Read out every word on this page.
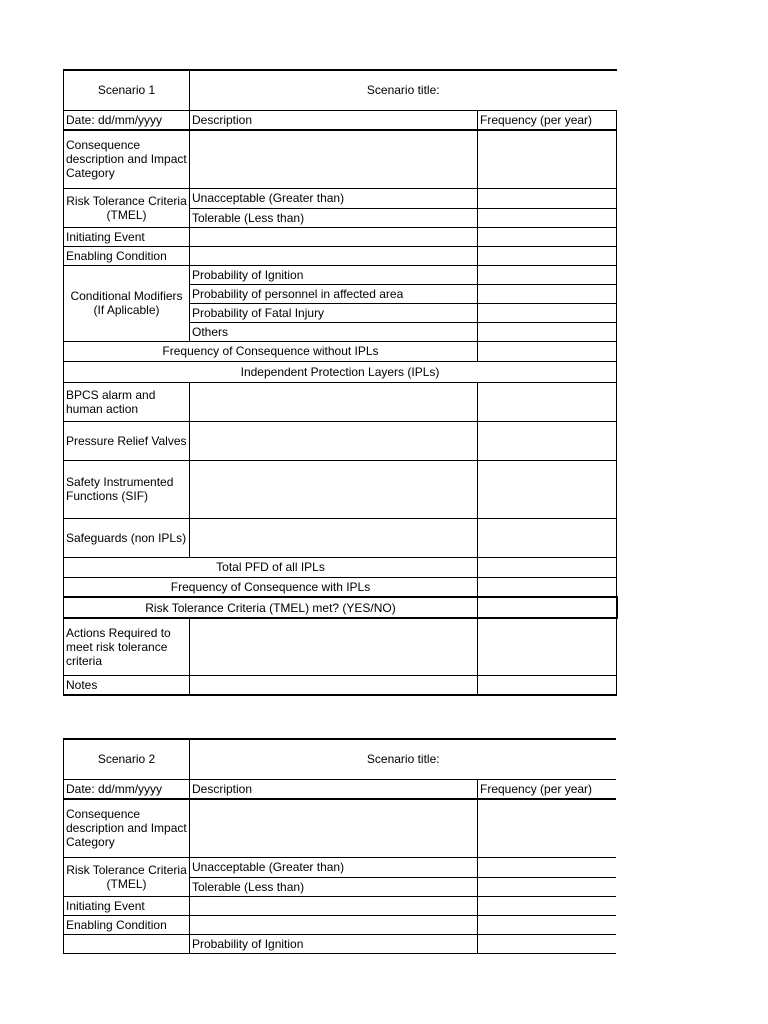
Scenario 1	Scenario title:	
Date: dd/mm/yyyy	Description	Frequency (per year)
Consequence description and Impact Category		
Risk Tolerance Criteria (TMEL)	Unacceptable (Greater than)	
	Tolerable (Less than)	
Initiating Event		
Enabling Condition		
Conditional Modifiers (If Aplicable)	Probability of Ignition	
	Probability of personnel in affected area	
	Probability of Fatal Injury	
	Others	
Frequency of Consequence without IPLs		
Independent Protection Layers (IPLs)		
BPCS alarm and human action		
Pressure Relief Valves		
Safety Instrumented Functions (SIF)		
Safeguards (non IPLs)		
Total PFD of all IPLs		
Frequency of Consequence with IPLs		
Risk Tolerance Criteria (TMEL) met? (YES/NO)		
Actions Required to meet risk tolerance criteria		
Notes		
Scenario 2	Scenario title:	
Date: dd/mm/yyyy	Description	Frequency (per year)
Consequence description and Impact Category		
Risk Tolerance Criteria (TMEL)	Unacceptable (Greater than)	
	Tolerable (Less than)	
Initiating Event		
Enabling Condition		
	Probability of Ignition	
